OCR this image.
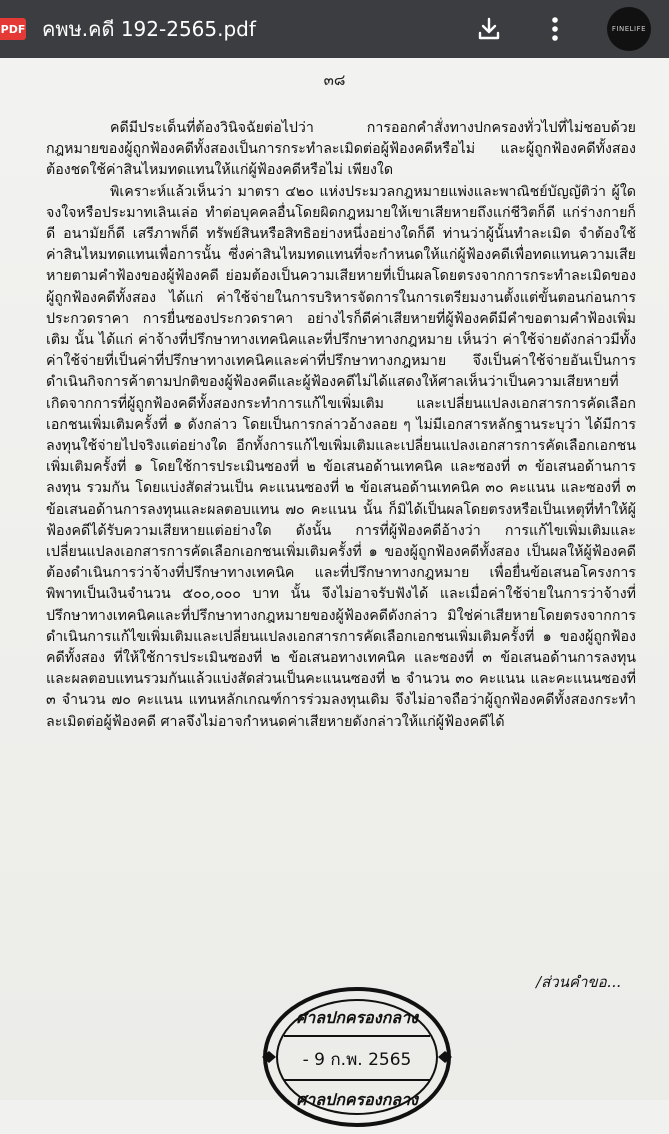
PDF คพษ.คดี 192-2565.pdf	FINELIFE
๓๘

คดีมีประเด็นที่ต้องวินิจฉัยต่อไปว่า การออกคำสั่งทางปกครองทั่วไปที่ไม่ชอบด้วยกฎหมายของผู้ถูกฟ้องคดีทั้งสองเป็นการกระทำละเมิดต่อผู้ฟ้องคดีหรือไม่ และผู้ถูกฟ้องคดีทั้งสองต้องชดใช้ค่าสินไหมทดแทนให้แก่ผู้ฟ้องคดีหรือไม่ เพียงใด

พิเคราะห์แล้วเห็นว่า มาตรา ๔๒๐ แห่งประมวลกฎหมายแพ่งและพาณิชย์บัญญัติว่า ผู้ใดจงใจหรือประมาทเลินเล่อ ทำต่อบุคคลอื่นโดยผิดกฎหมายให้เขาเสียหายถึงแก่ชีวิตก็ดี แก่ร่างกายก็ดี อนามัยก็ดี เสรีภาพก็ดี ทรัพย์สินหรือสิทธิอย่างหนึ่งอย่างใดก็ดี ท่านว่าผู้นั้นทำละเมิด จำต้องใช้ค่าสินไหมทดแทนเพื่อการนั้น ซึ่งค่าสินไหมทดแทนที่จะกำหนดให้แก่ผู้ฟ้องคดีเพื่อทดแทนความเสียหายตามคำฟ้องของผู้ฟ้องคดี ย่อมต้องเป็นความเสียหายที่เป็นผลโดยตรงจากการกระทำละเมิดของผู้ถูกฟ้องคดีทั้งสอง ได้แก่ ค่าใช้จ่ายในการบริหารจัดการในการเตรียมงานตั้งแต่ขั้นตอนก่อนการประกวดราคา การยื่นซองประกวดราคา อย่างไรก็ดีค่าเสียหายที่ผู้ฟ้องคดีมีคำขอตามคำฟ้องเพิ่มเติม นั้น ได้แก่ ค่าจ้างที่ปรึกษาทางเทคนิคและที่ปรึกษาทางกฎหมาย เห็นว่า ค่าใช้จ่ายดังกล่าวมีทั้งค่าใช้จ่ายที่เป็นค่าที่ปรึกษาทางเทคนิคและค่าที่ปรึกษาทางกฎหมาย จึงเป็นค่าใช้จ่ายอันเป็นการดำเนินกิจการค้าตามปกติของผู้ฟ้องคดีและผู้ฟ้องคดีไม่ได้แสดงให้ศาลเห็นว่าเป็นความเสียหายที่เกิดจากการที่ผู้ถูกฟ้องคดีทั้งสองกระทำการแก้ไขเพิ่มเติม และเปลี่ยนแปลงเอกสารการคัดเลือกเอกชนเพิ่มเติมครั้งที่ ๑ ดังกล่าว โดยเป็นการกล่าวอ้างลอย ๆ ไม่มีเอกสารหลักฐานระบุว่า ได้มีการลงทุนใช้จ่ายไปจริงแต่อย่างใด อีกทั้งการแก้ไขเพิ่มเติมและเปลี่ยนแปลงเอกสารการคัดเลือกเอกชนเพิ่มเติมครั้งที่ ๑ โดยใช้การประเมินซองที่ ๒ ข้อเสนอด้านเทคนิค และซองที่ ๓ ข้อเสนอด้านการลงทุน รวมกัน โดยแบ่งสัดส่วนเป็น คะแนนซองที่ ๒ ข้อเสนอด้านเทคนิค ๓๐ คะแนน และซองที่ ๓ ข้อเสนอด้านการลงทุนและผลตอบแทน ๗๐ คะแนน นั้น ก็มิได้เป็นผลโดยตรงหรือเป็นเหตุที่ทำให้ผู้ฟ้องคดีได้รับความเสียหายแต่อย่างใด ดังนั้น การที่ผู้ฟ้องคดีอ้างว่า การแก้ไขเพิ่มเติมและเปลี่ยนแปลงเอกสารการคัดเลือกเอกชนเพิ่มเติมครั้งที่ ๑ ของผู้ถูกฟ้องคดีทั้งสอง เป็นผลให้ผู้ฟ้องคดีต้องดำเนินการว่าจ้างที่ปรึกษาทางเทคนิค และที่ปรึกษาทางกฎหมาย เพื่อยื่นข้อเสนอโครงการพิพาทเป็นเงินจำนวน ๕๐๐,๐๐๐ บาท นั้น จึงไม่อาจรับฟังได้ และเมื่อค่าใช้จ่ายในการว่าจ้างที่ปรึกษาทางเทคนิคและที่ปรึกษาทางกฎหมายของผู้ฟ้องคดีดังกล่าว มิใช่ค่าเสียหายโดยตรงจากการดำเนินการแก้ไขเพิ่มเติมและเปลี่ยนแปลงเอกสารการคัดเลือกเอกชนเพิ่มเติมครั้งที่ ๑ ของผู้ถูกฟ้องคดีทั้งสอง ที่ให้ใช้การประเมินซองที่ ๒ ข้อเสนอทางเทคนิค และซองที่ ๓ ข้อเสนอด้านการลงทุนและผลตอบแทนรวมกันแล้วแบ่งสัดส่วนเป็นคะแนนซองที่ ๒ จำนวน ๓๐ คะแนน และคะแนนซองที่ ๓ จำนวน ๗๐ คะแนน แทนหลักเกณฑ์การร่วมลงทุนเดิม จึงไม่อาจถือว่าผู้ถูกฟ้องคดีทั้งสองกระทำละเมิดต่อผู้ฟ้องคดี ศาลจึงไม่อาจกำหนดค่าเสียหายดังกล่าวให้แก่ผู้ฟ้องคดีได้

/ส่วนคำขอ...
ศาลปกครองกลาง
- 9 ก.พ. 2565
ศาลปกครองกลาง
